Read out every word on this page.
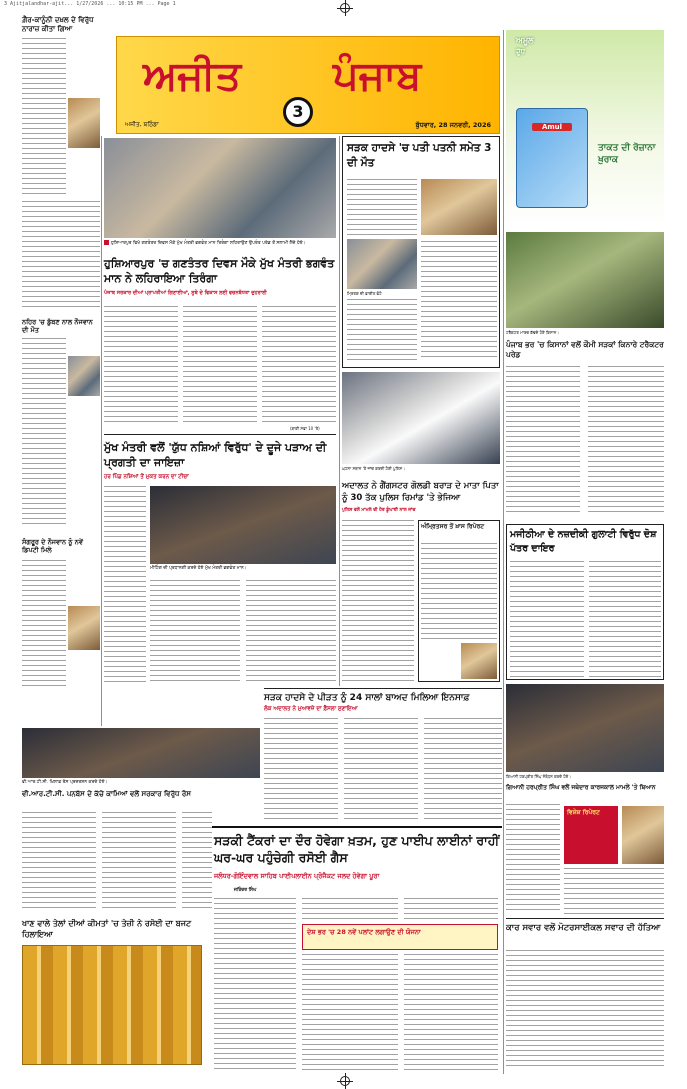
3 Ajitjalandhar-ajit... 1/27/2026 ... 10:15 PM ... Page 1
ਗ਼ੈਰ-ਕਾਨੂੰਨੀ ਦਖ਼ਲ ਦੇ ਵਿਰੁੱਧ ਨਾਰਾਜ਼ ਕੀਤਾ ਗਿਆ
ਨਹਿਰ 'ਚ ਡੁੱਬਣ ਨਾਲ ਨੌਜਵਾਨ ਦੀ ਮੌਤ
ਸੰਗਰੂਰ ਦੇ ਨੌਜਵਾਨ ਨੂੰ ਨਵੇਂ ਡਿਪਟੀ ਮਿਲੇ
ਵੀ.ਆਰ.ਟੀ.ਸੀ. ਖ਼ਿਲਾਫ਼ ਰੋਸ ਪ੍ਰਦਰਸ਼ਨ ਕਰਦੇ ਹੋਏ।
ਵੀ.ਆਰ.ਟੀ.ਸੀ. ਪਨਬੱਸ ਦੇ ਕੱਚੇ ਕਾਮਿਆਂ ਵਲੋਂ ਸਰਕਾਰ ਵਿਰੁੱਧ ਰੋਸ
ਖਾਣ ਵਾਲੇ ਤੇਲਾਂ ਦੀਆਂ ਕੀਮਤਾਂ 'ਚ ਤੇਜ਼ੀ ਨੇ ਰਸੋਈ ਦਾ ਬਜਟ ਹਿਲਾਇਆ
ਅਜੀਤ ਪੰਜਾਬ
3
ਅਜੀਤ, ਬਠਿੰਡਾ	ਬੁੱਧਵਾਰ, 28 ਜਨਵਰੀ, 2026
ਹੁਸ਼ਿਆਰਪੁਰ ਵਿਖੇ ਗਣਤੰਤਰ ਦਿਵਸ ਮੌਕੇ ਮੁੱਖ ਮੰਤਰੀ ਭਗਵੰਤ ਮਾਨ ਤਿਰੰਗਾ ਲਹਿਰਾਉਣ ਉਪਰੰਤ ਪਰੇਡ ਤੋਂ ਸਲਾਮੀ ਲੈਂਦੇ ਹੋਏ।
ਹੁਸ਼ਿਆਰਪੁਰ 'ਚ ਗਣਤੰਤਰ ਦਿਵਸ ਮੌਕੇ ਮੁੱਖ ਮੰਤਰੀ ਭਗਵੰਤ ਮਾਨ ਨੇ ਲਹਿਰਾਇਆ ਤਿਰੰਗਾ
ਪੰਜਾਬ ਸਰਕਾਰ ਦੀਆਂ ਪ੍ਰਾਪਤੀਆਂ ਗਿਣਾਈਆਂ, ਸੂਬੇ ਦੇ ਵਿਕਾਸ ਲਈ ਵਚਨਬੱਧਤਾ ਦੁਹਰਾਈ
(ਬਾਕੀ ਸਫ਼ਾ 10 'ਤੇ)
ਮੁੱਖ ਮੰਤਰੀ ਵਲੋਂ 'ਯੁੱਧ ਨਸ਼ਿਆਂ ਵਿਰੁੱਧ' ਦੇ ਦੂਜੇ ਪੜਾਅ ਦੀ ਪ੍ਰਗਤੀ ਦਾ ਜਾਇਜ਼ਾ
ਹਰ ਪਿੰਡ ਨਸ਼ਿਆਂ ਤੋਂ ਮੁਕਤ ਕਰਨ ਦਾ ਟੀਚਾ
ਮੀਟਿੰਗ ਦੀ ਪ੍ਰਧਾਨਗੀ ਕਰਦੇ ਹੋਏ ਮੁੱਖ ਮੰਤਰੀ ਭਗਵੰਤ ਮਾਨ।
ਸੜਕ ਹਾਦਸੇ 'ਚ ਪਤੀ ਪਤਨੀ ਸਮੇਤ 3 ਦੀ ਮੌਤ
ਮ੍ਰਿਤਕ ਦੀ ਫ਼ਾਈਲ ਫੋਟੋ
ਘਟਨਾ ਸਥਾਨ 'ਤੇ ਜਾਂਚ ਕਰਦੀ ਹੋਈ ਪੁਲਿਸ।
ਅਦਾਲਤ ਨੇ ਗੈਂਗਸਟਰ ਗੋਲਡੀ ਬਰਾੜ ਦੇ ਮਾਤਾ ਪਿਤਾ ਨੂੰ 30 ਤੱਕ ਪੁਲਿਸ ਰਿਮਾਂਡ 'ਤੇ ਭੇਜਿਆ
ਪੁਲਿਸ ਵਲੋਂ ਮਾਮਲੇ ਦੀ ਹੋਰ ਡੂੰਘਾਈ ਨਾਲ ਜਾਂਚ
ਅੰਮ੍ਰਿਤਸਰ ਤੋਂ ਖ਼ਾਸ ਰਿਪੋਰਟ
ਸੜਕ ਹਾਦਸੇ ਦੇ ਪੀੜਤ ਨੂੰ 24 ਸਾਲਾਂ ਬਾਅਦ ਮਿਲਿਆ ਇਨਸਾਫ਼
ਲੋਕ ਅਦਾਲਤ ਨੇ ਮੁਆਵਜ਼ੇ ਦਾ ਫ਼ੈਸਲਾ ਸੁਣਾਇਆ
ਸੜਕੀ ਟੈਂਕਰਾਂ ਦਾ ਦੌਰ ਹੋਵੇਗਾ ਖ਼ਤਮ, ਹੁਣ ਪਾਈਪ ਲਾਈਨਾਂ ਰਾਹੀਂ ਘਰ-ਘਰ ਪਹੁੰਚੇਗੀ ਰਸੋਈ ਗੈਸ
ਜਲੰਧਰ-ਗੋਇੰਦਵਾਲ ਸਾਹਿਬ ਪਾਈਪਲਾਈਨ ਪ੍ਰੋਜੈਕਟ ਜਲਦ ਹੋਵੇਗਾ ਪੂਰਾ
ਜਤਿੰਦਰ ਸਿੰਘ
ਦੇਸ਼ ਭਰ 'ਚ 28 ਨਵੇਂ ਪਲਾਂਟ ਲਗਾਉਣ ਦੀ ਯੋਜਨਾ
ਅਮੂਲ
ਦੁੱਧ
Amul
ਤਾਕਤ ਦੀ ਰੋਜ਼ਾਨਾ ਖ਼ੁਰਾਕ
ਟਰੈਕਟਰ ਮਾਰਚ ਕੱਢਦੇ ਹੋਏ ਕਿਸਾਨ।
ਪੰਜਾਬ ਭਰ 'ਚ ਕਿਸਾਨਾਂ ਵਲੋਂ ਕੌਮੀ ਸੜਕਾਂ ਕਿਨਾਰੇ ਟਰੈਕਟਰ ਪਰੇਡ
ਮਜੀਠੀਆ ਦੇ ਨਜ਼ਦੀਕੀ ਗੁਲਾਟੀ ਵਿਰੁੱਧ ਦੋਸ਼ ਪੱਤਰ ਦਾਇਰ
ਗਿਆਨੀ ਹਰਪ੍ਰੀਤ ਸਿੰਘ ਸੰਬੋਧਨ ਕਰਦੇ ਹੋਏ।
ਗਿਆਨੀ ਹਰਪ੍ਰੀਤ ਸਿੰਘ ਵਲੋਂ ਜਥੇਦਾਰ ਕਾਰਜਕਾਲ ਮਾਮਲੇ 'ਤੇ ਬਿਆਨ
ਵਿਸ਼ੇਸ਼ ਰਿਪੋਰਟ
ਕਾਰ ਸਵਾਰ ਵਲੋਂ ਮੋਟਰਸਾਈਕਲ ਸਵਾਰ ਦੀ ਹੱਤਿਆ
